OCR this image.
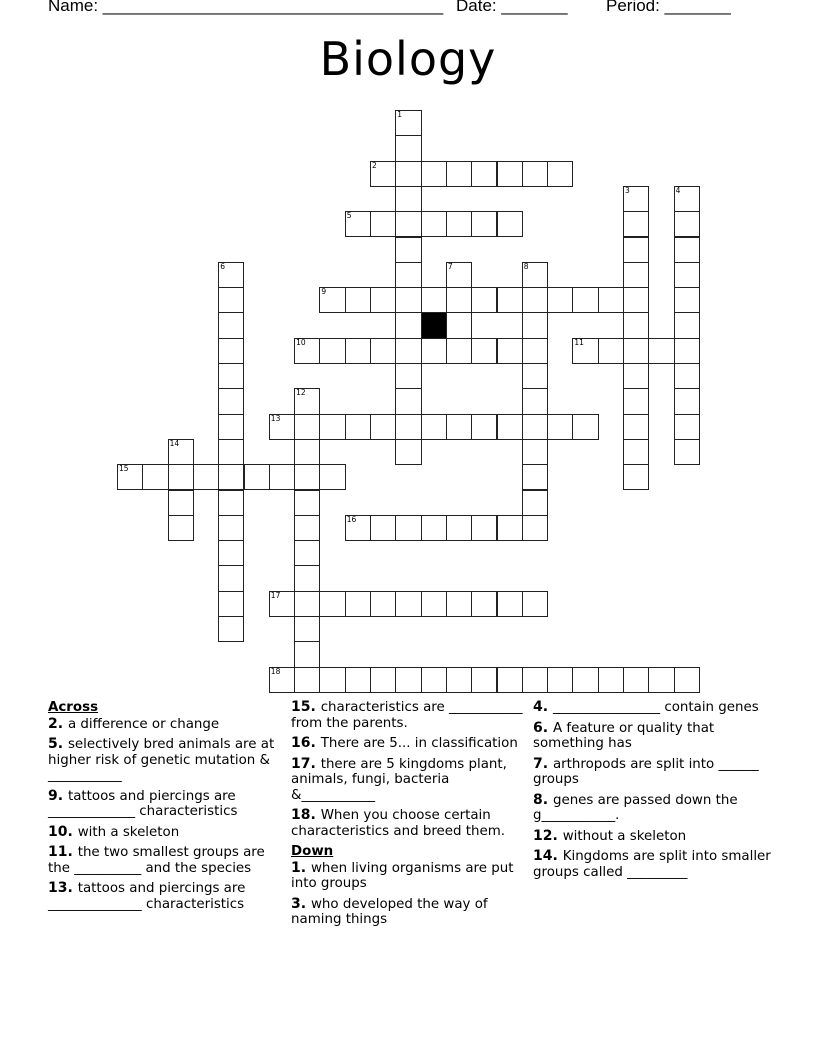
Name: ____________________________________ Date: _______ Period: _______
Biology
1
2
3	4
5
6	7	8
9
10	11
12
13
14
15
16
17
18
Across
2. a difference or change
5. selectively bred animals are at higher risk of genetic mutation & ___________
9. tattoos and piercings are _____________ characteristics
10. with a skeleton
11. the two smallest groups are the __________ and the species
13. tattoos and piercings are ______________ characteristics
15. characteristics are ___________ from the parents.
16. There are 5... in classification
17. there are 5 kingdoms plant, animals, fungi, bacteria &___________
18. When you choose certain characteristics and breed them.
Down
1. when living organisms are put into groups
3. who developed the way of naming things
4. ________________ contain genes
6. A feature or quality that something has
7. arthropods are split into ______ groups
8. genes are passed down the g___________.
12. without a skeleton
14. Kingdoms are split into smaller groups called _________
